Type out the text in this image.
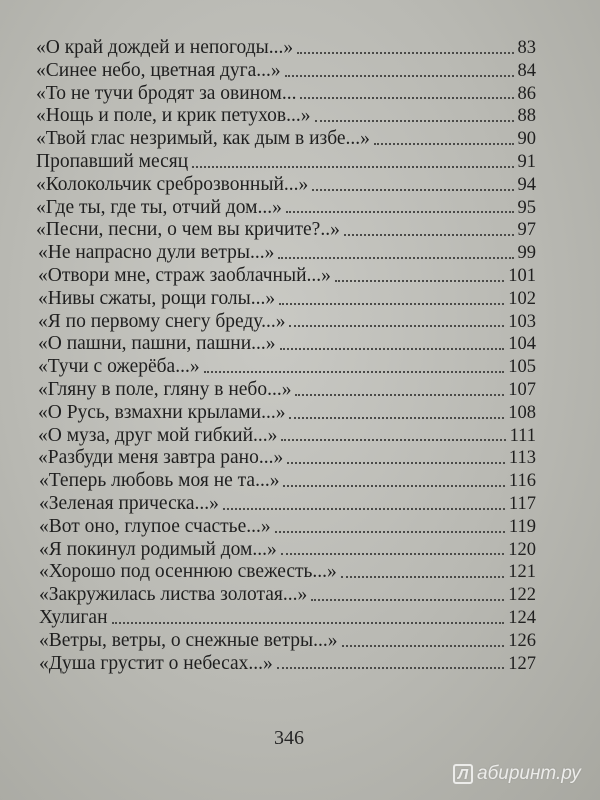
«О край дождей и непогоды...»	83
«Синее небо, цветная дуга...»	84
«То не тучи бродят за овином...	86
«Нощь и поле, и крик петухов...»	88
«Твой глас незримый, как дым в избе...»	90
Пропавший месяц	91
«Колокольчик среброзвонный...»	94
«Где ты, где ты, отчий дом...»	95
«Песни, песни, о чем вы кричите?..»	97
«Не напрасно дули ветры...»	99
«Отвори мне, страж заоблачный...»	101
«Нивы сжаты, рощи голы...»	102
«Я по первому снегу бреду...»	103
«О пашни, пашни, пашни...»	104
«Тучи с ожерёба...»	105
«Гляну в поле, гляну в небо...»	107
«О Русь, взмахни крылами...»	108
«О муза, друг мой гибкий...»	111
«Разбуди меня завтра рано...»	113
«Теперь любовь моя не та...»	116
«Зеленая прическа...»	117
«Вот оно, глупое счастье...»	119
«Я покинул родимый дом...»	120
«Хорошо под осеннюю свежесть...»	121
«Закружилась листва золотая...»	122
Хулиган	124
«Ветры, ветры, о снежные ветры...»	126
«Душа грустит о небесах...»	127
346
Л абиринт.ру
